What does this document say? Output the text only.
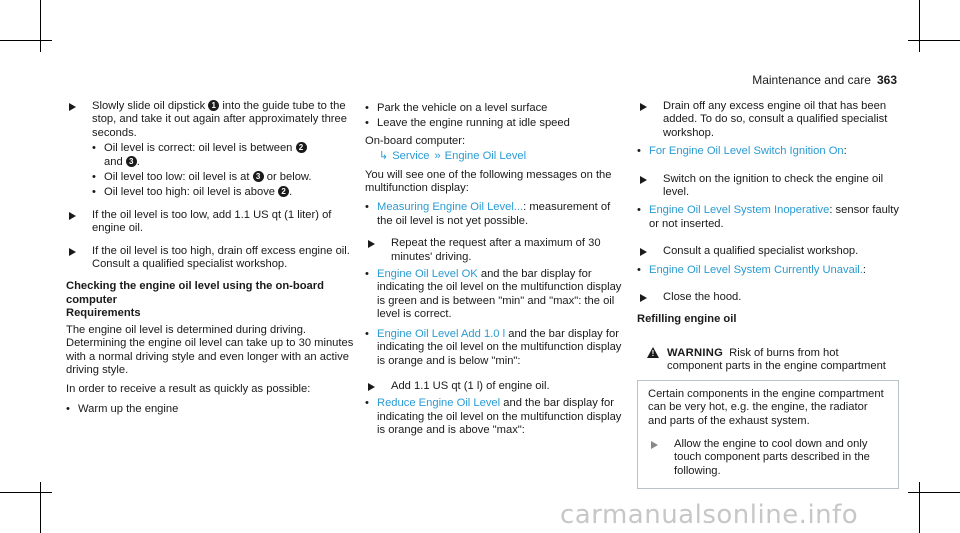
Maintenance and care 363
Slowly slide oil dipstick 1 into the guide tube to the stop, and take it out again after approximately three seconds.
• Oil level is correct: oil level is between 2
and 3 .
• Oil level too low: oil level is at 3 or below.
• Oil level too high: oil level is above 2 .
If the oil level is too low, add 1.1 US qt (1 liter) of engine oil.
If the oil level is too high, drain off excess engine oil. Consult a qualified specialist workshop.
Checking the engine oil level using the on-board computer
Requirements

The engine oil level is determined during driving. Determining the engine oil level can take up to 30 minutes with a normal driving style and even longer with an active driving style.

In order to receive a result as quickly as possible:

• Warm up the engine
• Park the vehicle on a level surface
• Leave the engine running at idle speed

On-board computer:

↳ Service » Engine Oil Level

You will see one of the following messages on the multifunction display:

• Measuring Engine Oil Level...: measurement of the oil level is not yet possible.
Repeat the request after a maximum of 30 minutes' driving.
• Engine Oil Level OK and the bar display for indicating the oil level on the multifunction display is green and is between "min" and "max": the oil level is correct.
• Engine Oil Level Add 1.0 l and the bar display for indicating the oil level on the multifunction display is orange and is below "min":
Add 1.1 US qt (1 l) of engine oil.
• Reduce Engine Oil Level and the bar display for indicating the oil level on the multifunction display is orange and is above "max":
Drain off any excess engine oil that has been added. To do so, consult a qualified specialist workshop.
• For Engine Oil Level Switch Ignition On:
Switch on the ignition to check the engine oil level.
• Engine Oil Level System Inoperative: sensor faulty or not inserted.
Consult a qualified specialist workshop.
• Engine Oil Level System Currently Unavail.:
Close the hood.
Refilling engine oil
! WARNING Risk of burns from hot component parts in the engine compartment

Certain components in the engine compartment can be very hot, e.g. the engine, the radiator and parts of the exhaust system.

Allow the engine to cool down and only touch component parts described in the following.
carmanualsonline.info
